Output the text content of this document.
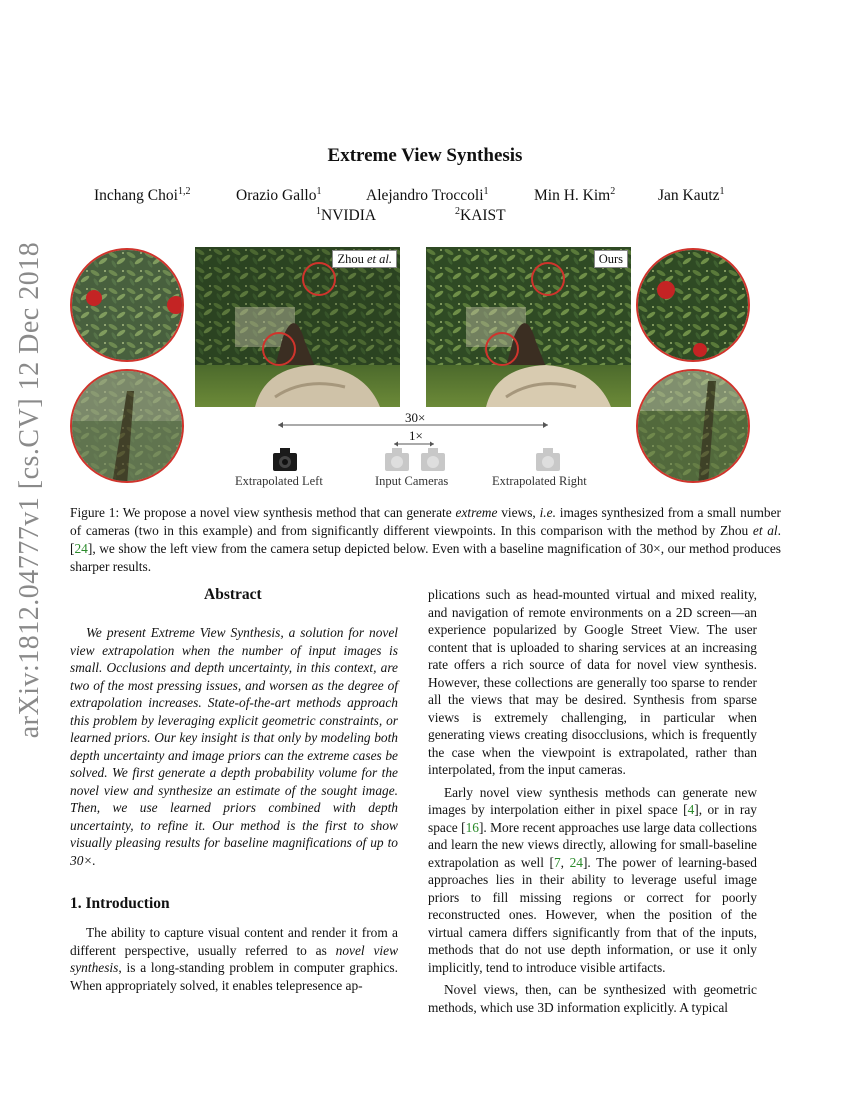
arXiv:1812.04777v1 [cs.CV] 12 Dec 2018
Extreme View Synthesis
Inchang Choi$^{1,2}$	Orazio Gallo$^1$	Alejandro Troccoli$^1$	Min H. Kim$^2$	Jan Kautz$^1$
$^1$NVIDIA	$^2$KAIST
Zhou et al.	Ours
30×
1×
Extrapolated Left	Input Cameras	Extrapolated Right
Figure 1: We propose a novel view synthesis method that can generate extreme views, i.e. images synthesized from a small number of cameras (two in this example) and from significantly different viewpoints. In this comparison with the method by Zhou et al. [24], we show the left view from the camera setup depicted below. Even with a baseline magnification of 30×, our method produces sharper results.
Abstract

We present Extreme View Synthesis, a solution for novel view extrapolation when the number of input images is small. Occlusions and depth uncertainty, in this context, are two of the most pressing issues, and worsen as the degree of extrapolation increases. State-of-the-art methods approach this problem by leveraging explicit geometric constraints, or learned priors. Our key insight is that only by modeling both depth uncertainty and image priors can the extreme cases be solved. We first generate a depth probability volume for the novel view and synthesize an estimate of the sought image. Then, we use learned priors combined with depth uncertainty, to refine it. Our method is the first to show visually pleasing results for baseline magnifications of up to 30×.

1. Introduction

The ability to capture visual content and render it from a different perspective, usually referred to as novel view synthesis, is a long-standing problem in computer graphics. When appropriately solved, it enables telepresence ap-

plications such as head-mounted virtual and mixed reality, and navigation of remote environments on a 2D screen—an experience popularized by Google Street View. The user content that is uploaded to sharing services at an increasing rate offers a rich source of data for novel view synthesis. However, these collections are generally too sparse to render all the views that may be desired. Synthesis from sparse views is extremely challenging, in particular when generating views creating disocclusions, which is frequently the case when the viewpoint is extrapolated, rather than interpolated, from the input cameras.

Early novel view synthesis methods can generate new images by interpolation either in pixel space [4], or in ray space [16]. More recent approaches use large data collections and learn the new views directly, allowing for small-baseline extrapolation as well [7, 24]. The power of learning-based approaches lies in their ability to leverage useful image priors to fill missing regions or correct for poorly reconstructed ones. However, when the position of the virtual camera differs significantly from that of the inputs, methods that do not use depth information, or use it only implicitly, tend to introduce visible artifacts.

Novel views, then, can be synthesized with geometric methods, which use 3D information explicitly. A typical
